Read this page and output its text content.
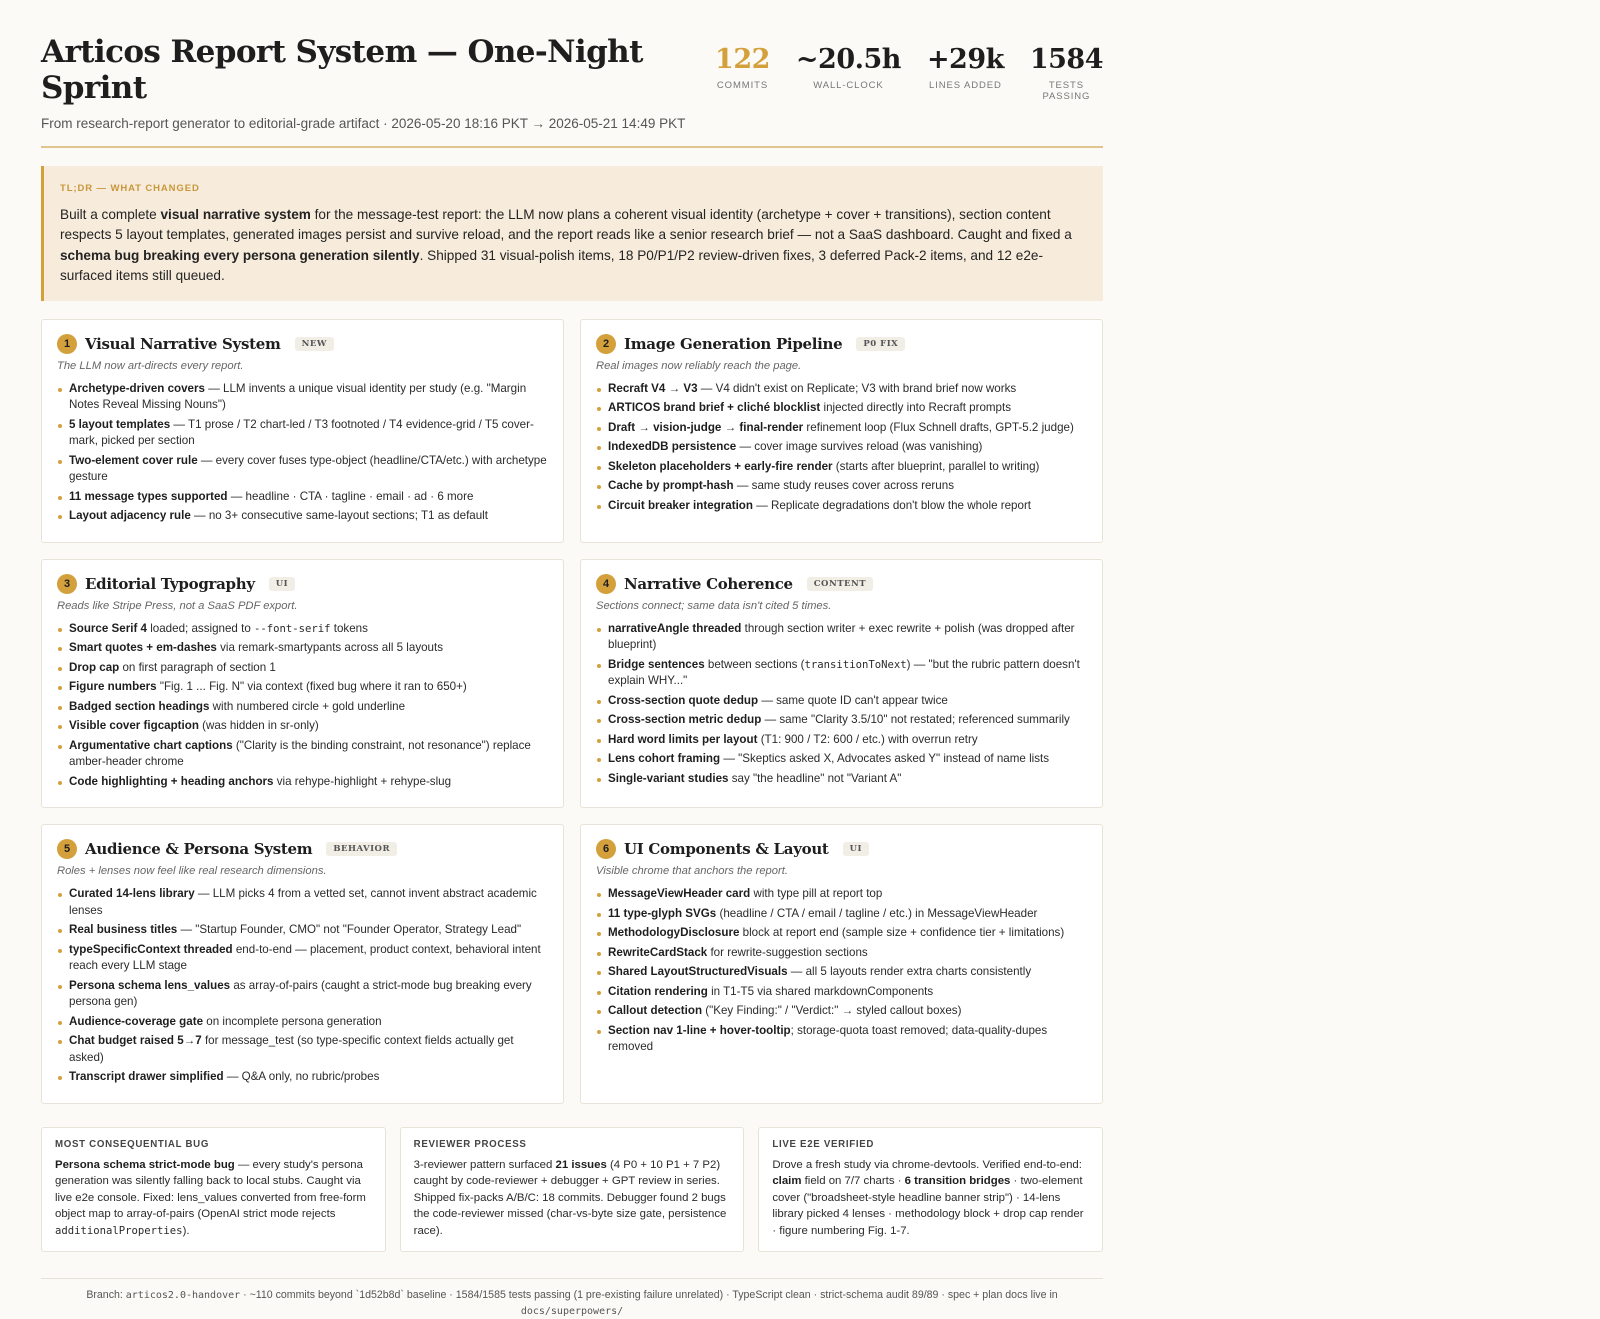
Articos Report System — One-Night Sprint
From research-report generator to editorial-grade artifact · 2026-05-20 18:16 PKT → 2026-05-21 14:49 PKT
122
COMMITS
~20.5h
WALL-CLOCK
+29k
LINES ADDED
1584
TESTS PASSING
TL;DR — WHAT CHANGED
Built a complete visual narrative system for the message-test report: the LLM now plans a coherent visual identity (archetype + cover + transitions), section content respects 5 layout templates, generated images persist and survive reload, and the report reads like a senior research brief — not a SaaS dashboard. Caught and fixed a schema bug breaking every persona generation silently. Shipped 31 visual-polish items, 18 P0/P1/P2 review-driven fixes, 3 deferred Pack-2 items, and 12 e2e-surfaced items still queued.
1 Visual Narrative System	NEW
The LLM now art-directs every report.
Archetype-driven covers — LLM invents a unique visual identity per study (e.g. "Margin Notes Reveal Missing Nouns")
5 layout templates — T1 prose / T2 chart-led / T3 footnoted / T4 evidence-grid / T5 cover-mark, picked per section
Two-element cover rule — every cover fuses type-object (headline/CTA/etc.) with archetype gesture
11 message types supported — headline · CTA · tagline · email · ad · 6 more
Layout adjacency rule — no 3+ consecutive same-layout sections; T1 as default
2 Image Generation Pipeline	P0 FIX
Real images now reliably reach the page.
Recraft V4 → V3 — V4 didn't exist on Replicate; V3 with brand brief now works
ARTICOS brand brief + cliché blocklist injected directly into Recraft prompts
Draft → vision-judge → final-render refinement loop (Flux Schnell drafts, GPT-5.2 judge)
IndexedDB persistence — cover image survives reload (was vanishing)
Skeleton placeholders + early-fire render (starts after blueprint, parallel to writing)
Cache by prompt-hash — same study reuses cover across reruns
Circuit breaker integration — Replicate degradations don't blow the whole report
3 Editorial Typography	UI
Reads like Stripe Press, not a SaaS PDF export.
Source Serif 4 loaded; assigned to --font-serif tokens
Smart quotes + em-dashes via remark-smartypants across all 5 layouts
Drop cap on first paragraph of section 1
Figure numbers "Fig. 1 ... Fig. N" via context (fixed bug where it ran to 650+)
Badged section headings with numbered circle + gold underline
Visible cover figcaption (was hidden in sr-only)
Argumentative chart captions ("Clarity is the binding constraint, not resonance") replace amber-header chrome
Code highlighting + heading anchors via rehype-highlight + rehype-slug
4 Narrative Coherence	CONTENT
Sections connect; same data isn't cited 5 times.
narrativeAngle threaded through section writer + exec rewrite + polish (was dropped after blueprint)
Bridge sentences between sections (transitionToNext) — "but the rubric pattern doesn't explain WHY..."
Cross-section quote dedup — same quote ID can't appear twice
Cross-section metric dedup — same "Clarity 3.5/10" not restated; referenced summarily
Hard word limits per layout (T1: 900 / T2: 600 / etc.) with overrun retry
Lens cohort framing — "Skeptics asked X, Advocates asked Y" instead of name lists
Single-variant studies say "the headline" not "Variant A"
5 Audience & Persona System	BEHAVIOR
Roles + lenses now feel like real research dimensions.
Curated 14-lens library — LLM picks 4 from a vetted set, cannot invent abstract academic lenses
Real business titles — "Startup Founder, CMO" not "Founder Operator, Strategy Lead"
typeSpecificContext threaded end-to-end — placement, product context, behavioral intent reach every LLM stage
Persona schema lens_values as array-of-pairs (caught a strict-mode bug breaking every persona gen)
Audience-coverage gate on incomplete persona generation
Chat budget raised 5→7 for message_test (so type-specific context fields actually get asked)
Transcript drawer simplified — Q&A only, no rubric/probes
6 UI Components & Layout	UI
Visible chrome that anchors the report.
MessageViewHeader card with type pill at report top
11 type-glyph SVGs (headline / CTA / email / tagline / etc.) in MessageViewHeader
MethodologyDisclosure block at report end (sample size + confidence tier + limitations)
RewriteCardStack for rewrite-suggestion sections
Shared LayoutStructuredVisuals — all 5 layouts render extra charts consistently
Citation rendering in T1-T5 via shared markdownComponents
Callout detection ("Key Finding:" / "Verdict:" → styled callout boxes)
Section nav 1-line + hover-tooltip; storage-quota toast removed; data-quality-dupes removed
MOST CONSEQUENTIAL BUG
Persona schema strict-mode bug — every study's persona generation was silently falling back to local stubs. Caught via live e2e console. Fixed: lens_values converted from free-form object map to array-of-pairs (OpenAI strict mode rejects additionalProperties).
REVIEWER PROCESS
3-reviewer pattern surfaced 21 issues (4 P0 + 10 P1 + 7 P2) caught by code-reviewer + debugger + GPT review in series. Shipped fix-packs A/B/C: 18 commits. Debugger found 2 bugs the code-reviewer missed (char-vs-byte size gate, persistence race).
LIVE E2E VERIFIED
Drove a fresh study via chrome-devtools. Verified end-to-end: claim field on 7/7 charts · 6 transition bridges · two-element cover ("broadsheet-style headline banner strip") · 14-lens library picked 4 lenses · methodology block + drop cap render · figure numbering Fig. 1-7.
Branch: articos2.0-handover · ~110 commits beyond `1d52b8d` baseline · 1584/1585 tests passing (1 pre-existing failure unrelated) · TypeScript clean · strict-schema audit 89/89 · spec + plan docs live in docs/superpowers/
